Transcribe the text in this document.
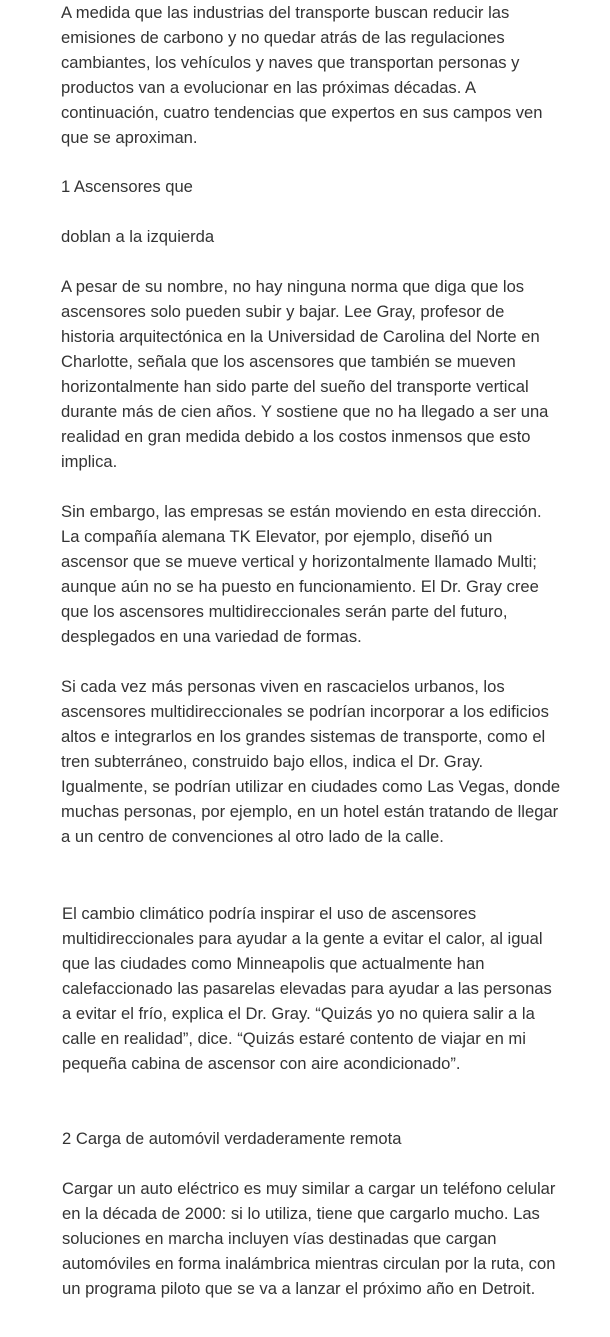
A medida que las industrias del transporte buscan reducir las emisiones de carbono y no quedar atrás de las regulaciones cambiantes, los vehículos y naves que transportan personas y productos van a evolucionar en las próximas décadas. A continuación, cuatro tendencias que expertos en sus campos ven que se aproximan.

1 Ascensores que

doblan a la izquierda

A pesar de su nombre, no hay ninguna norma que diga que los ascensores solo pueden subir y bajar. Lee Gray, profesor de historia arquitectónica en la Universidad de Carolina del Norte en Charlotte, señala que los ascensores que también se mueven horizontalmente han sido parte del sueño del transporte vertical durante más de cien años. Y sostiene que no ha llegado a ser una realidad en gran medida debido a los costos inmensos que esto implica.

Sin embargo, las empresas se están moviendo en esta dirección. La compañía alemana TK Elevator, por ejemplo, diseñó un ascensor que se mueve vertical y horizontalmente llamado Multi; aunque aún no se ha puesto en funcionamiento. El Dr. Gray cree que los ascensores multidireccionales serán parte del futuro, desplegados en una variedad de formas.

Si cada vez más personas viven en rascacielos urbanos, los ascensores multidireccionales se podrían incorporar a los edificios altos e integrarlos en los grandes sistemas de transporte, como el tren subterráneo, construido bajo ellos, indica el Dr. Gray. Igualmente, se podrían utilizar en ciudades como Las Vegas, donde muchas personas, por ejemplo, en un hotel están tratando de llegar a un centro de convenciones al otro lado de la calle.

El cambio climático podría inspirar el uso de ascensores multidireccionales para ayudar a la gente a evitar el calor, al igual que las ciudades como Minneapolis que actualmente han calefaccionado las pasarelas elevadas para ayudar a las personas a evitar el frío, explica el Dr. Gray. “Quizás yo no quiera salir a la calle en realidad”, dice. “Quizás estaré contento de viajar en mi pequeña cabina de ascensor con aire acondicionado”.

2 Carga de automóvil verdaderamente remota

Cargar un auto eléctrico es muy similar a cargar un teléfono celular en la década de 2000: si lo utiliza, tiene que cargarlo mucho. Las soluciones en marcha incluyen vías destinadas que cargan automóviles en forma inalámbrica mientras circulan por la ruta, con un programa piloto que se va a lanzar el próximo año en Detroit.
